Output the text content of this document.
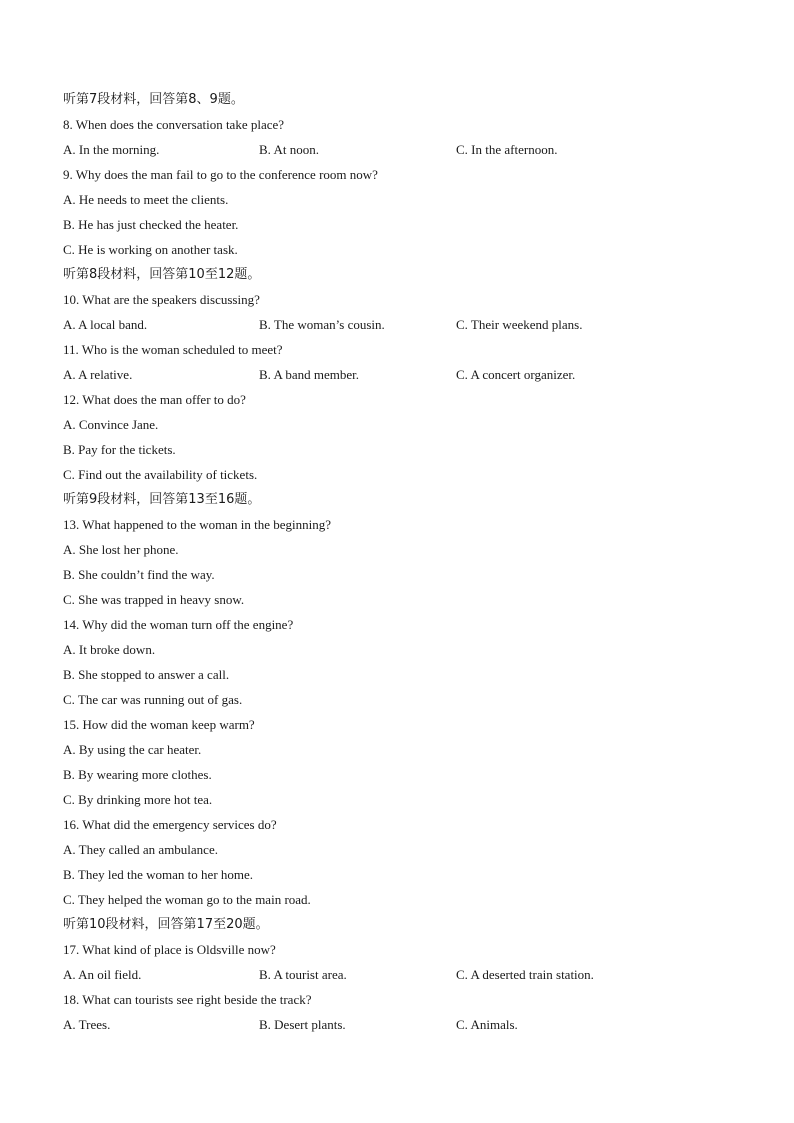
听第7段材料，回答第8、9题。
8. When does the conversation take place?
A. In the morning.	B. At noon.	C. In the afternoon.
9. Why does the man fail to go to the conference room now?
A. He needs to meet the clients.
B. He has just checked the heater.
C. He is working on another task.
听第8段材料，回答第10至12题。
10. What are the speakers discussing?
A. A local band.	B. The woman’s cousin.	C. Their weekend plans.
11. Who is the woman scheduled to meet?
A. A relative.	B. A band member.	C. A concert organizer.
12. What does the man offer to do?
A. Convince Jane.
B. Pay for the tickets.
C. Find out the availability of tickets.
听第9段材料，回答第13至16题。
13. What happened to the woman in the beginning?
A. She lost her phone.
B. She couldn’t find the way.
C. She was trapped in heavy snow.
14. Why did the woman turn off the engine?
A. It broke down.
B. She stopped to answer a call.
C. The car was running out of gas.
15. How did the woman keep warm?
A. By using the car heater.
B. By wearing more clothes.
C. By drinking more hot tea.
16. What did the emergency services do?
A. They called an ambulance.
B. They led the woman to her home.
C. They helped the woman go to the main road.
听第10段材料，回答第17至20题。
17. What kind of place is Oldsville now?
A. An oil field.	B. A tourist area.	C. A deserted train station.
18. What can tourists see right beside the track?
A. Trees.	B. Desert plants.	C. Animals.
